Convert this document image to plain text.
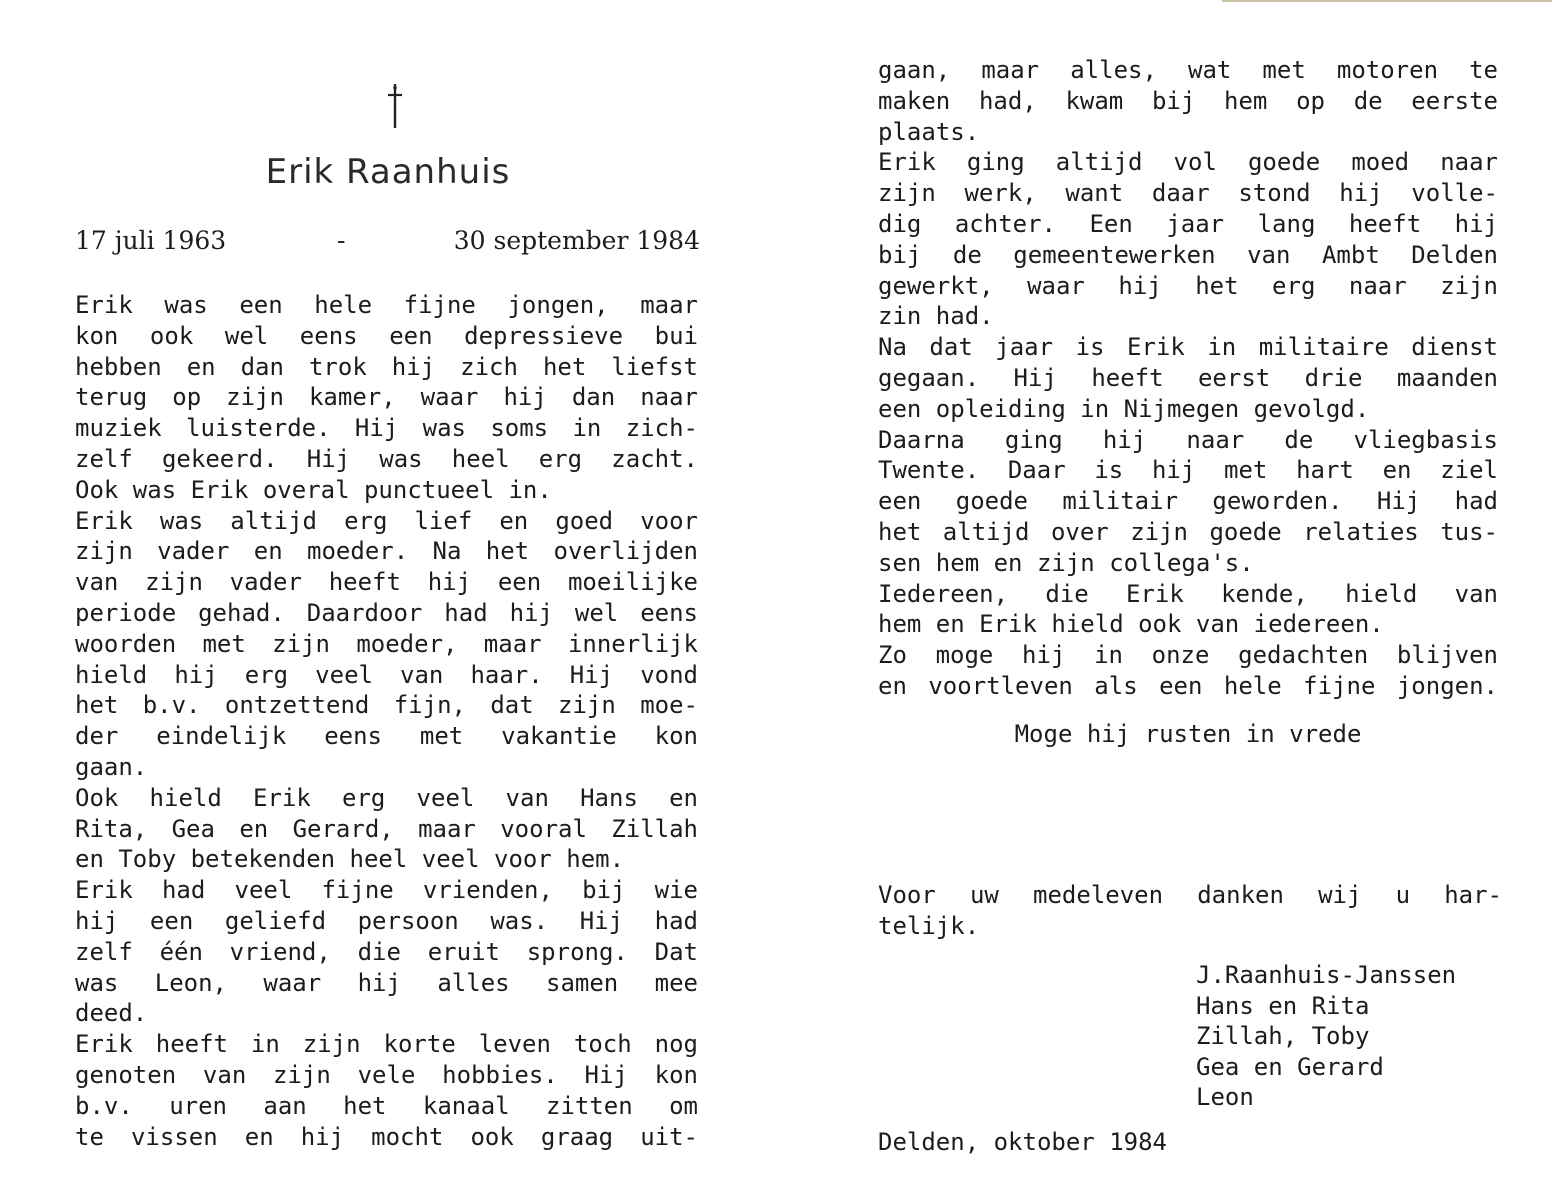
Erik Raanhuis
17 juli 1963	-	30 september 1984
Erik was een hele fijne jongen, maar
kon ook wel eens een depressieve bui
hebben en dan trok hij zich het liefst
terug op zijn kamer, waar hij dan naar
muziek luisterde. Hij was soms in zich-
zelf gekeerd. Hij was heel erg zacht.
Ook was Erik overal punctueel in.
Erik was altijd erg lief en goed voor
zijn vader en moeder. Na het overlijden
van zijn vader heeft hij een moeilijke
periode gehad. Daardoor had hij wel eens
woorden met zijn moeder, maar innerlijk
hield hij erg veel van haar. Hij vond
het b.v. ontzettend fijn, dat zijn moe-
der eindelijk eens met vakantie kon
gaan.
Ook hield Erik erg veel van Hans en
Rita, Gea en Gerard, maar vooral Zillah
en Toby betekenden heel veel voor hem.
Erik had veel fijne vrienden, bij wie
hij een geliefd persoon was. Hij had
zelf één vriend, die eruit sprong. Dat
was Leon, waar hij alles samen mee
deed.
Erik heeft in zijn korte leven toch nog
genoten van zijn vele hobbies. Hij kon
b.v. uren aan het kanaal zitten om
te vissen en hij mocht ook graag uit-
gaan, maar alles, wat met motoren te
maken had, kwam bij hem op de eerste
plaats.
Erik ging altijd vol goede moed naar
zijn werk, want daar stond hij volle-
dig achter. Een jaar lang heeft hij
bij de gemeentewerken van Ambt Delden
gewerkt, waar hij het erg naar zijn
zin had.
Na dat jaar is Erik in militaire dienst
gegaan. Hij heeft eerst drie maanden
een opleiding in Nijmegen gevolgd.
Daarna ging hij naar de vliegbasis
Twente. Daar is hij met hart en ziel
een goede militair geworden. Hij had
het altijd over zijn goede relaties tus-
sen hem en zijn collega's.
Iedereen, die Erik kende, hield van
hem en Erik hield ook van iedereen.
Zo moge hij in onze gedachten blijven
en voortleven als een hele fijne jongen.
Moge hij rusten in vrede
Voor uw medeleven danken wij u har-
telijk.
J.Raanhuis-Janssen
Hans en Rita
Zillah, Toby
Gea en Gerard
Leon
Delden, oktober 1984
